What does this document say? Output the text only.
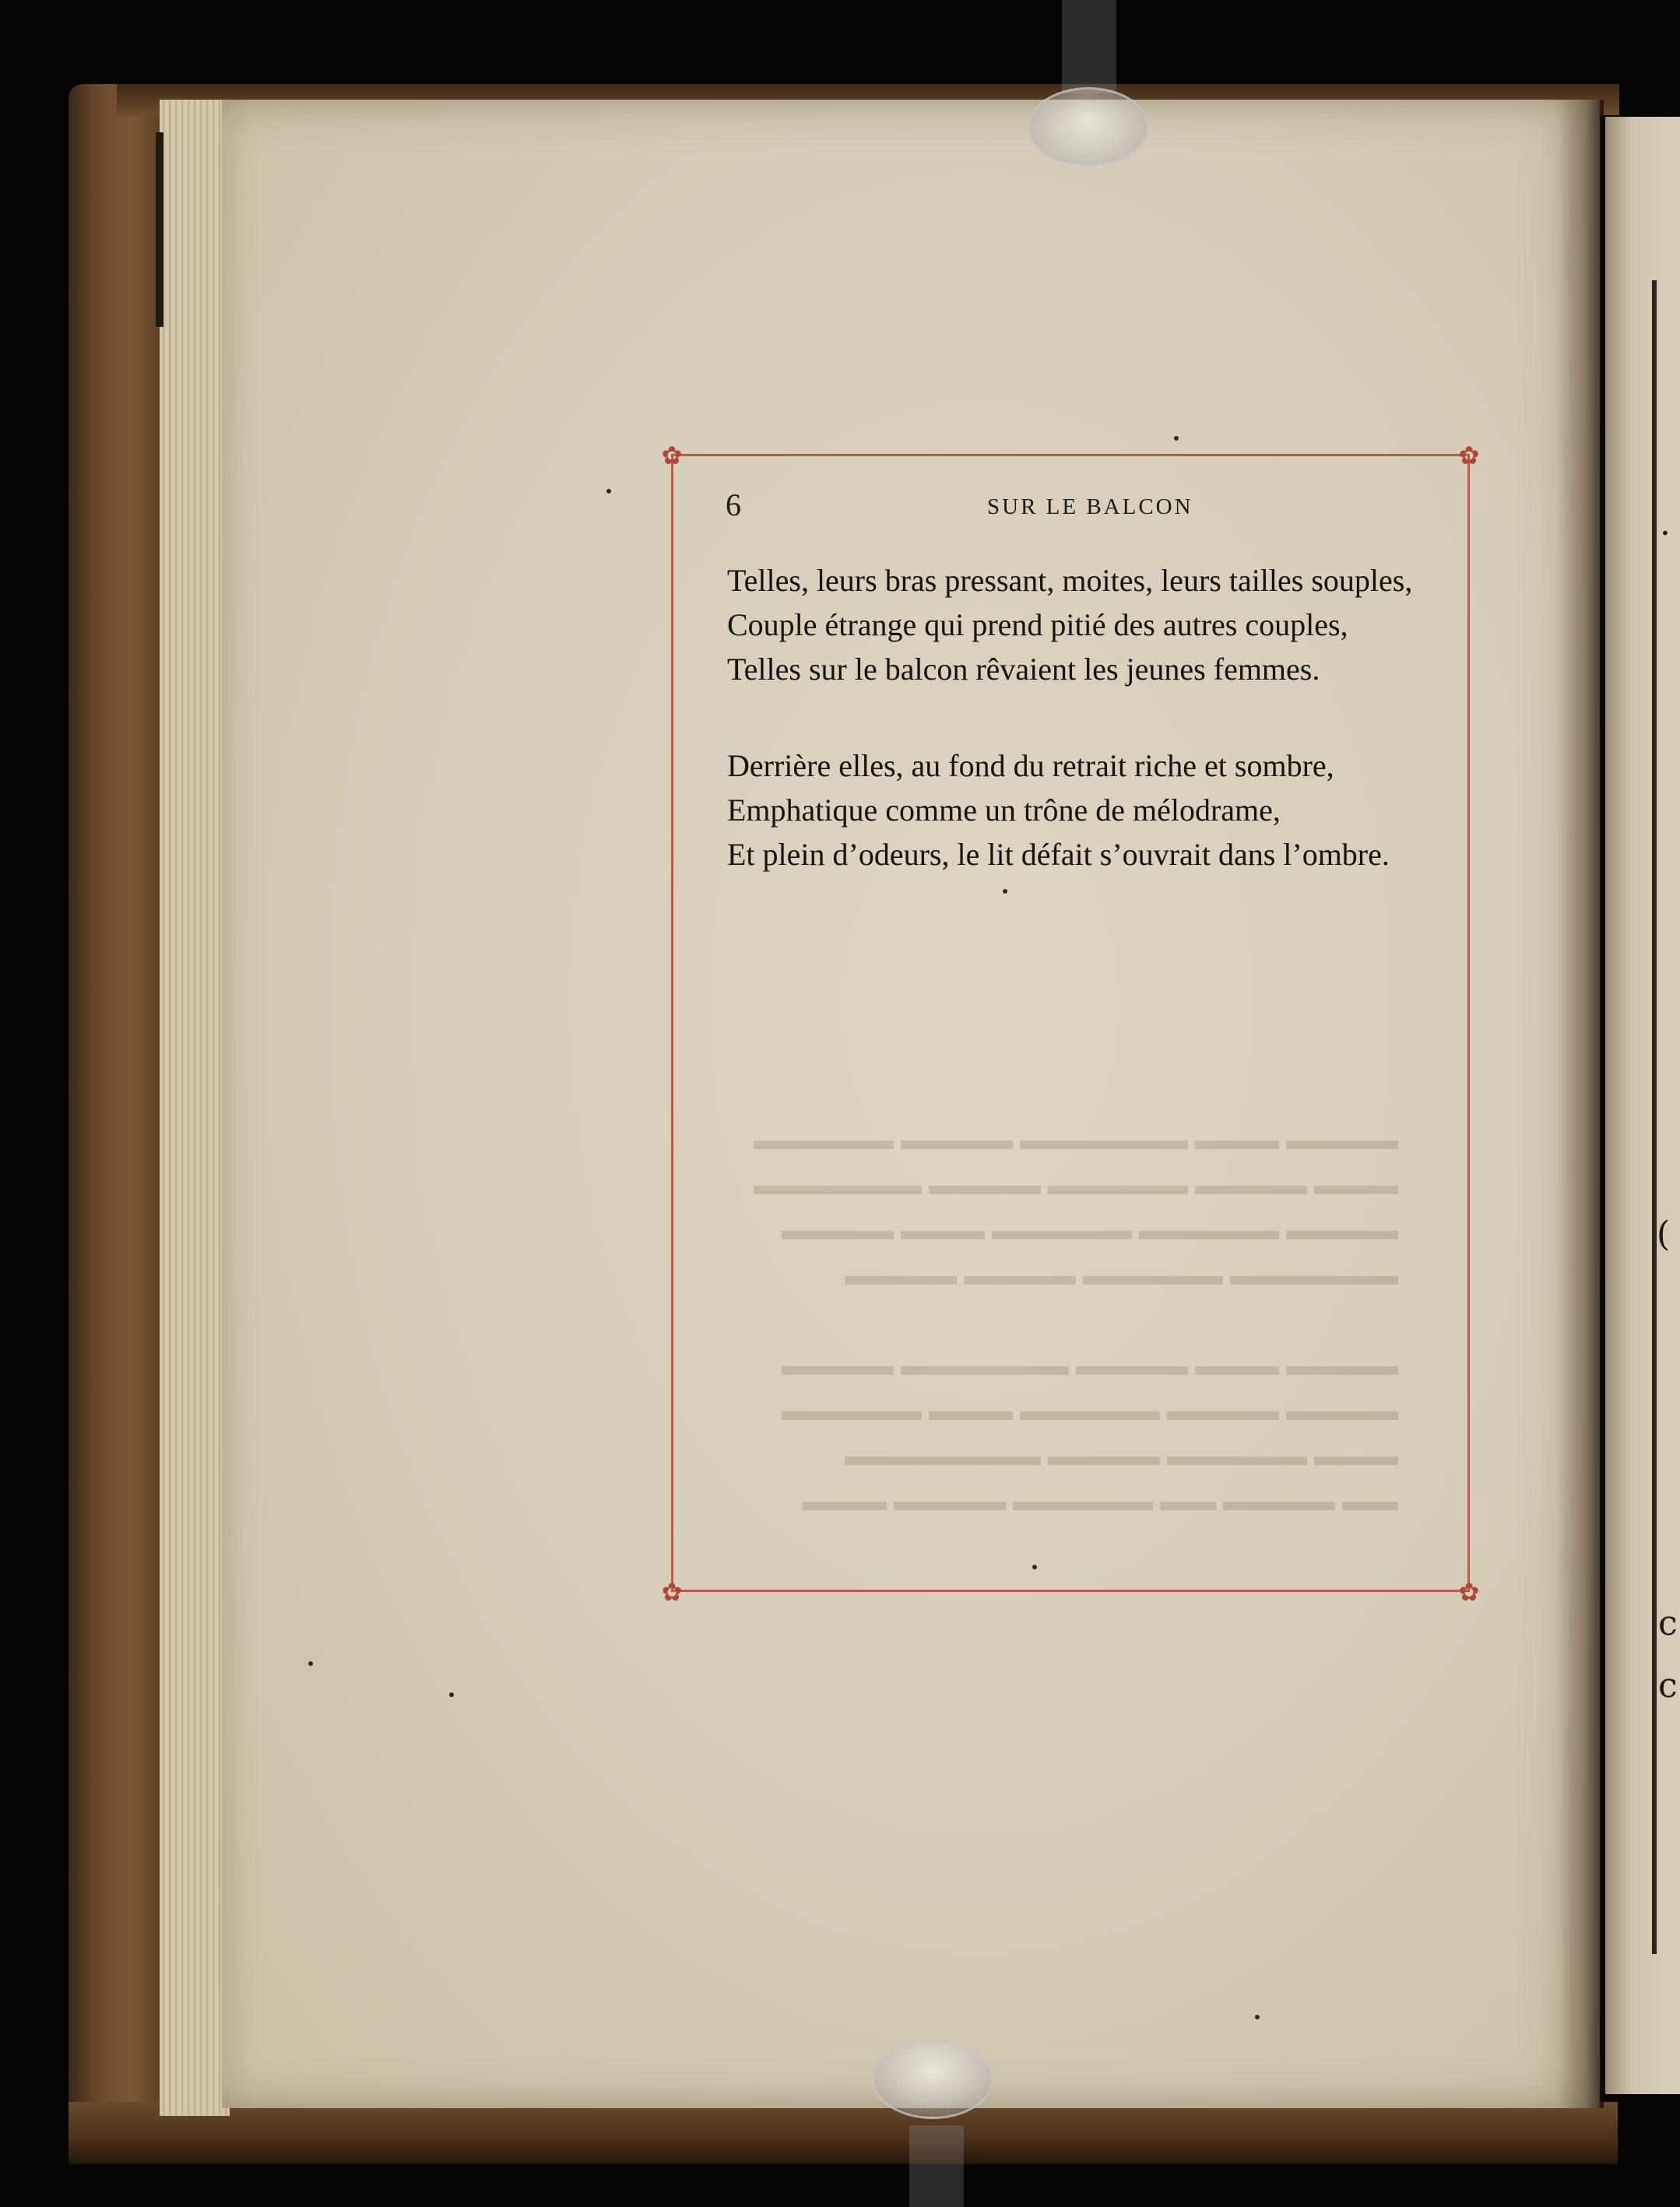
·
(
c
c
✿	✿
✿	✿
6	SUR LE BALCON
Telles, leurs bras pressant, moites, leurs tailles souples,
Couple étrange qui prend pitié des autres couples,
Telles sur le balcon rêvaient les jeunes femmes.
Derrière elles, au fond du retrait riche et sombre,
Emphatique comme un trône de mélodrame,
Et plein d’odeurs, le lit défait s’ouvrait dans l’ombre.
▬▬▬▬ ▬▬▬ ▬▬▬▬▬▬ ▬▬▬▬ ▬▬▬▬▬
▬▬▬ ▬▬▬▬ ▬▬▬▬▬ ▬▬▬▬ ▬▬▬▬▬▬
▬▬▬▬ ▬▬▬▬▬ ▬▬▬▬▬ ▬▬▬ ▬▬▬▬
▬▬▬▬▬▬ ▬▬▬▬▬ ▬▬▬▬ ▬▬▬▬

▬▬▬▬ ▬▬▬ ▬▬▬▬ ▬▬▬▬▬▬ ▬▬▬▬
▬▬▬▬ ▬▬▬▬ ▬▬▬▬▬ ▬▬▬ ▬▬▬▬▬
▬▬▬ ▬▬▬▬▬ ▬▬▬▬ ▬▬▬▬▬▬▬
▬▬ ▬▬▬▬ ▬▬ ▬▬▬▬▬ ▬▬▬▬ ▬▬▬
